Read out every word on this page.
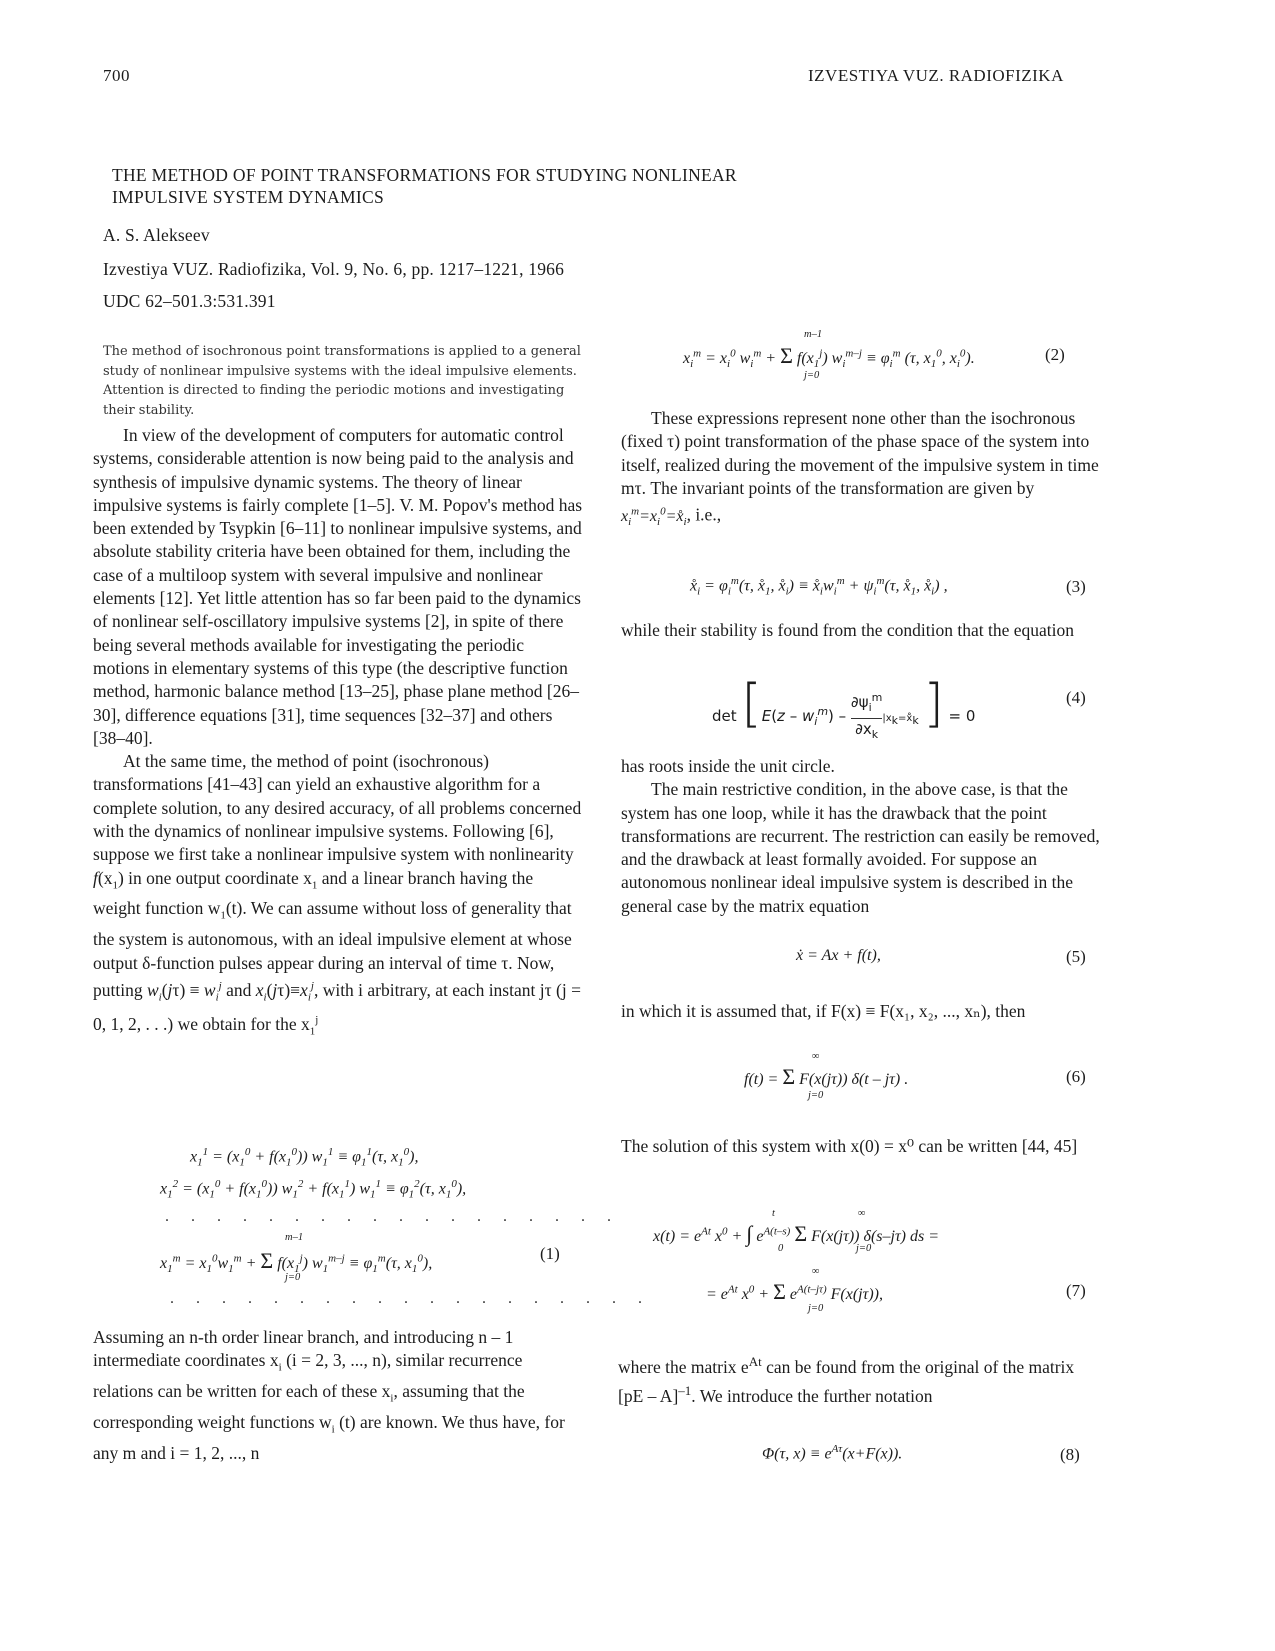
700	IZVESTIYA VUZ. RADIOFIZIKA
THE METHOD OF POINT TRANSFORMATIONS FOR STUDYING NONLINEAR
IMPULSIVE SYSTEM DYNAMICS
A. S. Alekseev
Izvestiya VUZ. Radiofizika, Vol. 9, No. 6, pp. 1217–1221, 1966
UDC 62–501.3:531.391
The method of isochronous point transformations is applied to a general study of nonlinear impulsive systems with the ideal impulsive elements. Attention is directed to finding the periodic motions and investigating their stability.

In view of the development of computers for automatic control systems, considerable attention is now being paid to the analysis and synthesis of impulsive dynamic systems. The theory of linear impulsive systems is fairly complete [1–5]. V. M. Popov's method has been extended by Tsypkin [6–11] to nonlinear impulsive systems, and absolute stability criteria have been obtained for them, including the case of a multiloop system with several impulsive and nonlinear elements [12]. Yet little attention has so far been paid to the dynamics of nonlinear self-oscillatory impulsive systems [2], in spite of there being several methods available for investigating the periodic motions in elementary systems of this type (the descriptive function method, harmonic balance method [13–25], phase plane method [26–30], difference equations [31], time sequences [32–37] and others [38–40].

At the same time, the method of point (isochronous) transformations [41–43] can yield an exhaustive algorithm for a complete solution, to any desired accuracy, of all problems concerned with the dynamics of nonlinear impulsive systems. Following [6], suppose we first take a nonlinear impulsive system with nonlinearity $f(x_1)$ in one output coordinate $x_1$ and a linear branch having the weight function $w_1(t)$. We can assume without loss of generality that the system is autonomous, with an ideal impulsive element at whose output δ-function pulses appear during an interval of time τ. Now, putting $w_i(j\tau) \equiv w_i^j$ and $x_i(j\tau)\equiv x_i^j$, with i arbitrary, at each instant jτ (j = 0, 1, 2, . . .) we obtain for the $x_1^j$

$x_1^1 = (x_1^0 + f(x_1^0)) w_1^1 \equiv \varphi_1^1(\tau$, $x_1^0$),
$x_1^2 = (x_1^0 + f(x_1^0)) w_1^2 + f(x_1^1) w_1^1 \equiv \varphi_1^2(\tau$, $x_1^0$),
. . . . . . . . . . . . . . . . . .
m–1
$x_1^m = x_1^0w_1^m + \Sigma$ $f(x_1^j) w_1^{m-j} \equiv \varphi_1^m(\tau$, $x_1^0$),
j=0
(1)
. . . . . . . . . . . . . . . . . . .

Assuming an n-th order linear branch, and introducing n – 1 intermediate coordinates $x_i$ (i = 2, 3, ..., n), similar recurrence relations can be written for each of these $x_i$, assuming that the corresponding weight functions $w_i$ (t) are known. We thus have, for any m and i = 1, 2, ..., n

m–1
$x_i^m = x_i^0$ $w_i^m + \Sigma$ $f(x_1^j) w_i^{m-j} \equiv \varphi_i^m$ (τ, $x_1^0$, $x_i^0$).	(2)
j=0

These expressions represent none other than the isochronous (fixed τ) point transformation of the phase space of the system into itself, realized during the movement of the impulsive system in time mτ. The invariant points of the transformation are given by

$x_i^m=x_i^0=x̊_i$, i.e.,

$x̊_i = \varphi_i^m(\tau$, $x̊_1$, $x̊_i$) ≡ $x̊_iw_i^m + \psi_i^m(\tau$, $x̊_1$, $x̊_i$) ,	(3)

while their stability is found from the condition that the equation

$\det [E(z - w_i^m)$ –
$\partial\psi_i^m$
$\partial x_k$
$|x_k=x̊_k$ ] = 0
(4)

has roots inside the unit circle.

The main restrictive condition, in the above case, is that the system has one loop, while it has the drawback that the point transformations are recurrent. The restriction can easily be removed, and the drawback at least formally avoided. For suppose an autonomous nonlinear ideal impulsive system is described in the general case by the matrix equation

ẋ = Ax + f(t),	(5)

in which it is assumed that, if F(x) ≡ F(x₁, x₂, ..., xₙ), then

∞
f(t) = Σ F(x(jτ)) δ(t – jτ) .
j=0
(6)

The solution of this system with x(0) = x⁰ can be written [44, 45]

t	∞
$x(t) = e^{At}$ $x^0$ + ∫ $e^{A(t-s)}$ Σ F(x(jτ)) δ(s–jτ) ds =
0	j=0
∞
= $e^{At}$ $x^0 + \Sigma$ $e^{A(t-j\tau)}$ F(x(jτ)),
j=0
(7)

where the matrix $e^{At}$ can be found from the original of the matrix [pE – A]$^{-1}$. We introduce the further notation

Φ(τ, $x) \equiv e^{A\tau}(x+F(x))$.	(8)
